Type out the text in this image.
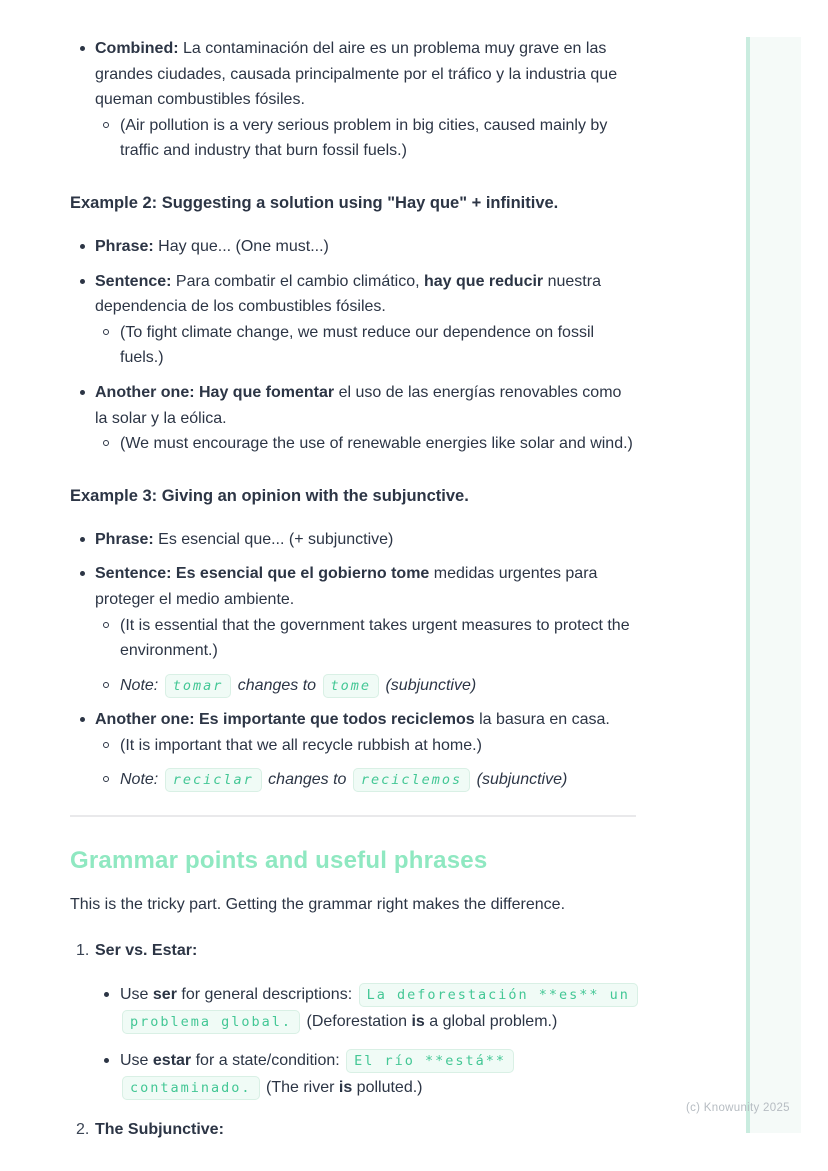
Combined: La contaminación del aire es un problema muy grave en las grandes ciudades, causada principalmente por el tráfico y la industria que queman combustibles fósiles.
(Air pollution is a very serious problem in big cities, caused mainly by traffic and industry that burn fossil fuels.)

Example 2: Suggesting a solution using "Hay que" + infinitive.

Phrase: Hay que... (One must...)
Sentence: Para combatir el cambio climático, hay que reducir nuestra dependencia de los combustibles fósiles.
(To fight climate change, we must reduce our dependence on fossil fuels.)
Another one: Hay que fomentar el uso de las energías renovables como la solar y la eólica.
(We must encourage the use of renewable energies like solar and wind.)

Example 3: Giving an opinion with the subjunctive.

Phrase: Es esencial que... (+ subjunctive)
Sentence: Es esencial que el gobierno tome medidas urgentes para proteger el medio ambiente.
(It is essential that the government takes urgent measures to protect the environment.)
Note: tomar changes to tome (subjunctive)
Another one: Es importante que todos reciclemos la basura en casa.
(It is important that we all recycle rubbish at home.)
Note: reciclar changes to reciclemos (subjunctive)
Grammar points and useful phrases

This is the tricky part. Getting the grammar right makes the difference.

1. Ser vs. Estar:
Use ser for general descriptions: La deforestación **es** un problema global. (Deforestation is a global problem.)
Use estar for a state/condition: El río **está** contaminado. (The river is polluted.)
2. The Subjunctive:
(c) Knowunity 2025
